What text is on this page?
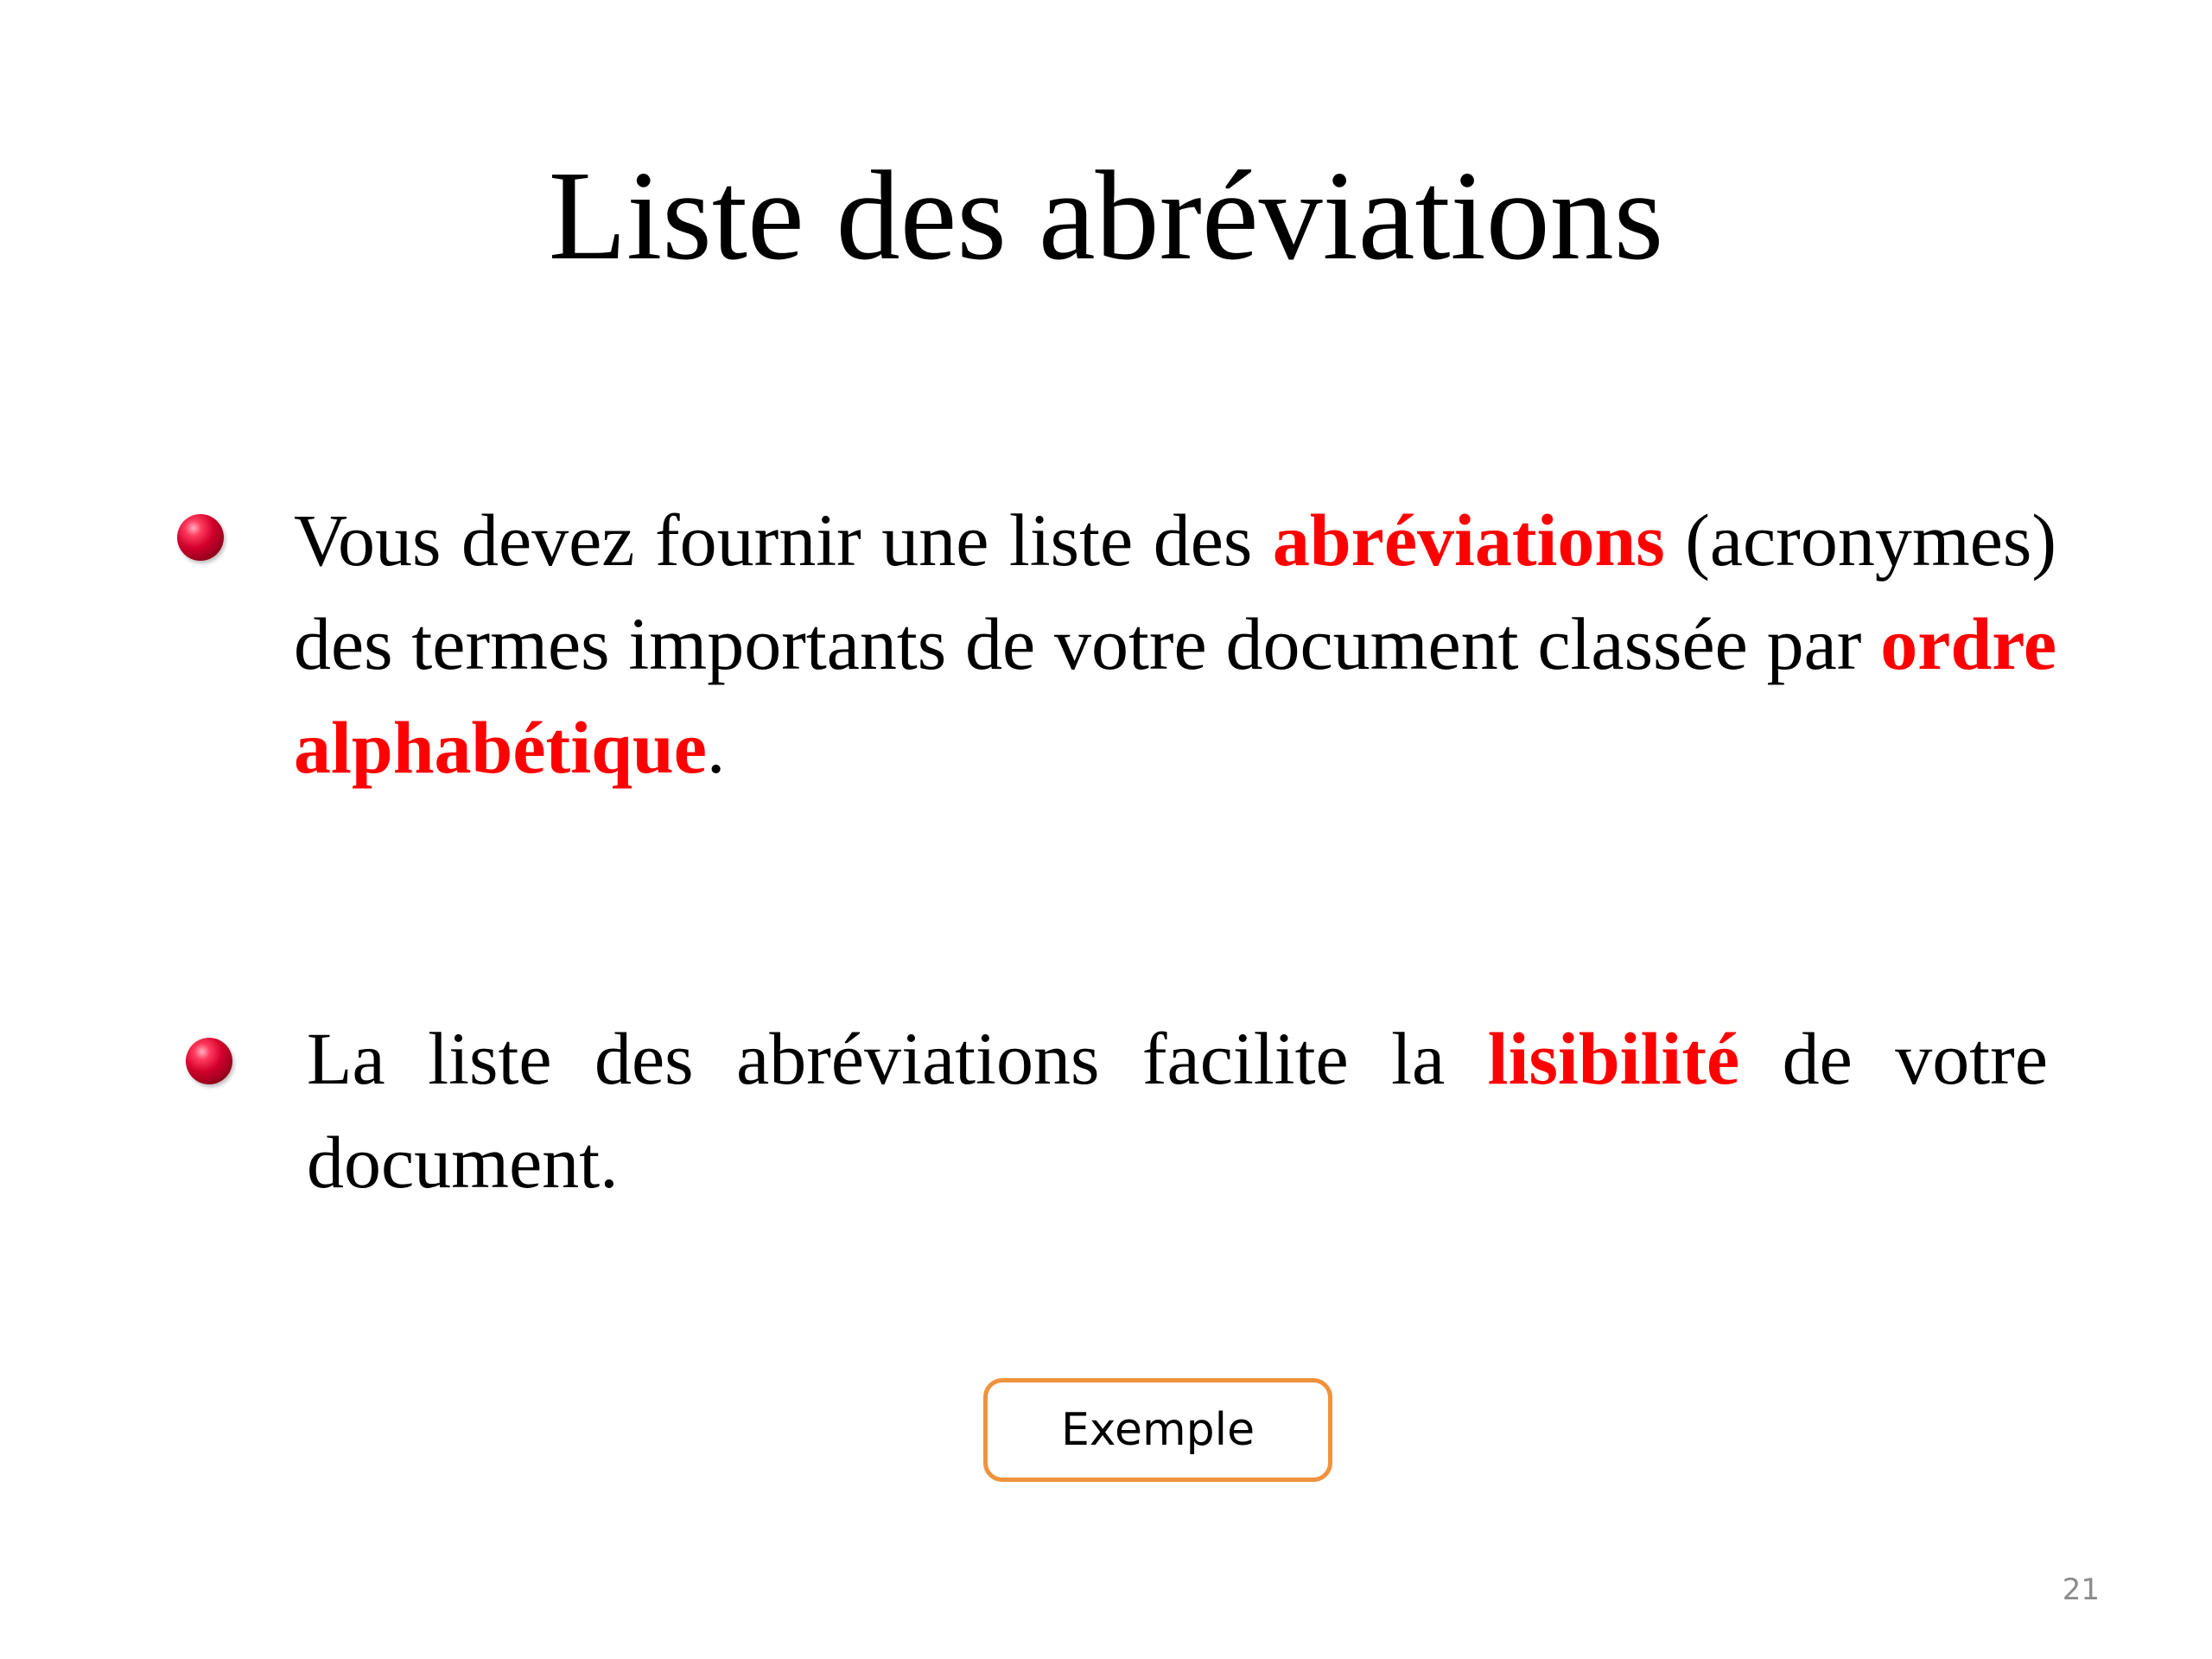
Liste des abréviations
Vous devez fournir une liste des abréviations (acronymes) des termes importants de votre document classée par ordre alphabétique.
La liste des abréviations facilite la lisibilité de votre document.
Exemple
21
